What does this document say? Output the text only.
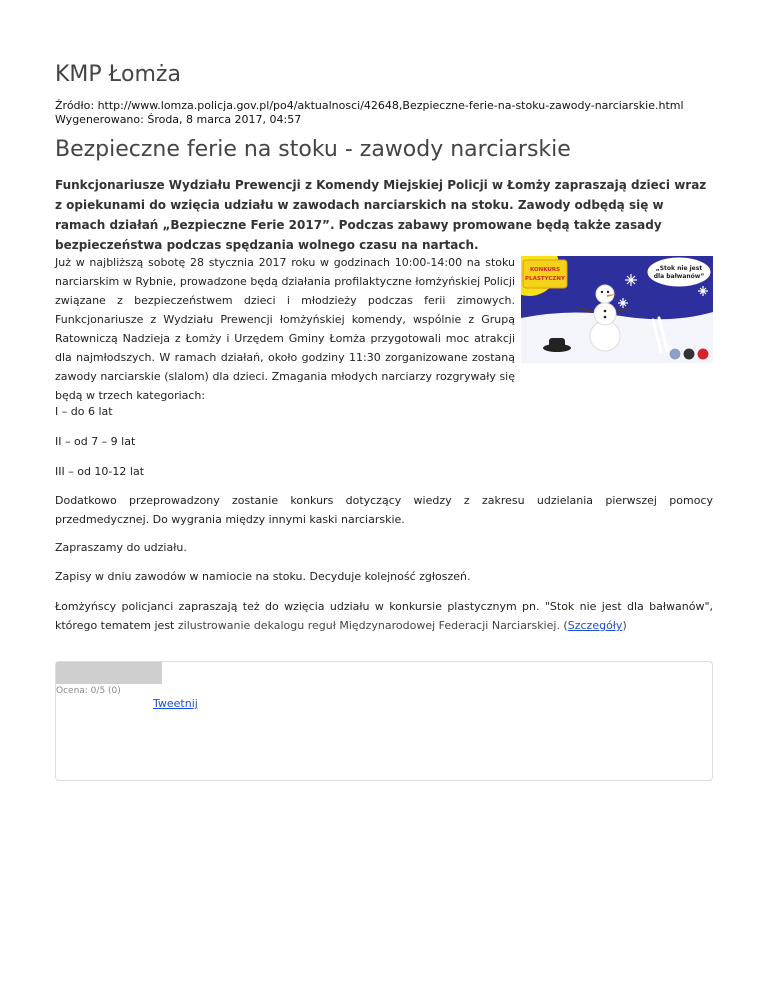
KMP Łomża
Źródło: http://www.lomza.policja.gov.pl/po4/aktualnosci/42648,Bezpieczne-ferie-na-stoku-zawody-narciarskie.html
Wygenerowano: Środa, 8 marca 2017, 04:57
Bezpieczne ferie na stoku - zawody narciarskie

Funkcjonariusze Wydziału Prewencji z Komendy Miejskiej Policji w Łomży zapraszają dzieci wraz z opiekunami do wzięcia udziału w zawodach narciarskich na stoku. Zawody odbędą się w ramach działań „Bezpieczne Ferie 2017”. Podczas zabawy promowane będą także zasady bezpieczeństwa podczas spędzania wolnego czasu na nartach.

Już w najbliższą sobotę 28 stycznia 2017 roku w godzinach 10:00-14:00 na stoku narciarskim w Rybnie, prowadzone będą działania profilaktyczne łomżyńskiej Policji związane z bezpieczeństwem dzieci i młodzieży podczas ferii zimowych. Funkcjonariusze z Wydziału Prewencji łomżyńskiej komendy, wspólnie z Grupą Ratowniczą Nadzieja z Łomży i Urzędem Gminy Łomża przygotowali moc atrakcji dla najmłodszych. W ramach działań, około godziny 11:30 zorganizowane zostaną zawody narciarskie (slalom) dla dzieci. Zmagania młodych narciarzy rozgrywały się będą w trzech kategoriach:

KONKURS
PLASTYCZNY
„Stok nie jest
dla bałwanów”

I – do 6 lat

II – od 7 – 9 lat

III – od 10-12 lat

Dodatkowo przeprowadzony zostanie konkurs dotyczący wiedzy z zakresu udzielania pierwszej pomocy przedmedycznej. Do wygrania między innymi kaski narciarskie.

Zapraszamy do udziału.

Zapisy w dniu zawodów w namiocie na stoku. Decyduje kolejność zgłoszeń.

Łomżyńscy policjanci zapraszają też do wzięcia udziału w konkursie plastycznym pn. "Stok nie jest dla bałwanów", którego tematem jest zilustrowanie dekalogu reguł Międzynarodowej Federacji Narciarskiej. (Szczegóły)

Ocena: 0/5 (0)
Tweetnij
